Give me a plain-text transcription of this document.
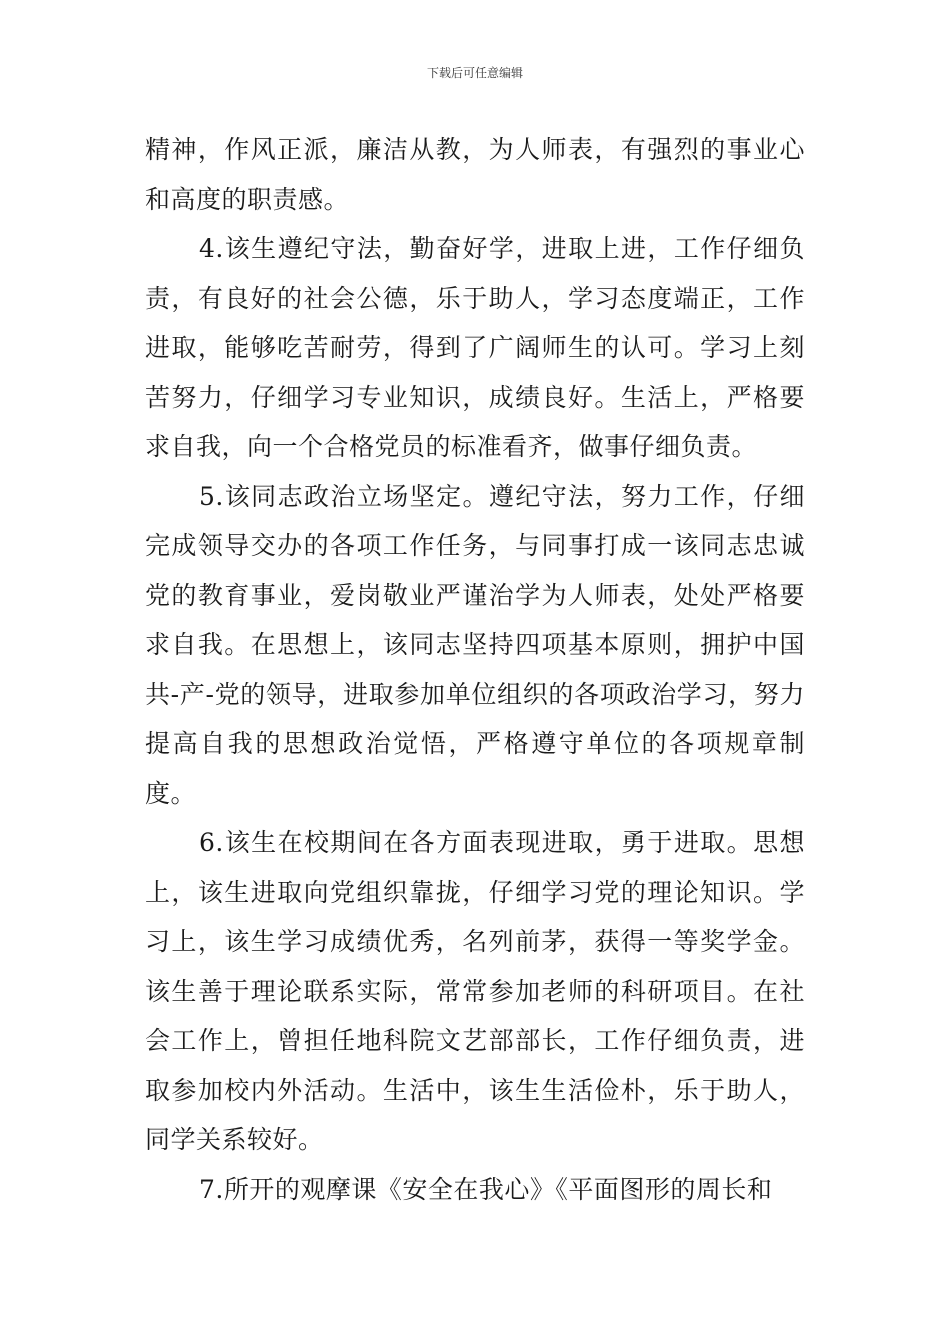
下载后可任意编辑

精神，作风正派，廉洁从教，为人师表，有强烈的事业心和高度的职责感。

4.该生遵纪守法，勤奋好学，进取上进，工作仔细负责，有良好的社会公德，乐于助人，学习态度端正，工作进取，能够吃苦耐劳，得到了广阔师生的认可。学习上刻苦努力，仔细学习专业知识，成绩良好。生活上，严格要求自我，向一个合格党员的标准看齐，做事仔细负责。

5.该同志政治立场坚定。遵纪守法，努力工作，仔细完成领导交办的各项工作任务，与同事打成一该同志忠诚党的教育事业，爱岗敬业严谨治学为人师表，处处严格要求自我。在思想上，该同志坚持四项基本原则，拥护中国共-产-党的领导，进取参加单位组织的各项政治学习，努力提高自我的思想政治觉悟，严格遵守单位的各项规章制度。

6.该生在校期间在各方面表现进取，勇于进取。思想上，该生进取向党组织靠拢，仔细学习党的理论知识。学习上，该生学习成绩优秀，名列前茅，获得一等奖学金。该生善于理论联系实际，常常参加老师的科研项目。在社会工作上，曾担任地科院文艺部部长，工作仔细负责，进取参加校内外活动。生活中，该生生活俭朴，乐于助人，同学关系较好。

7.所开的观摩课《安全在我心》《平面图形的周长和
